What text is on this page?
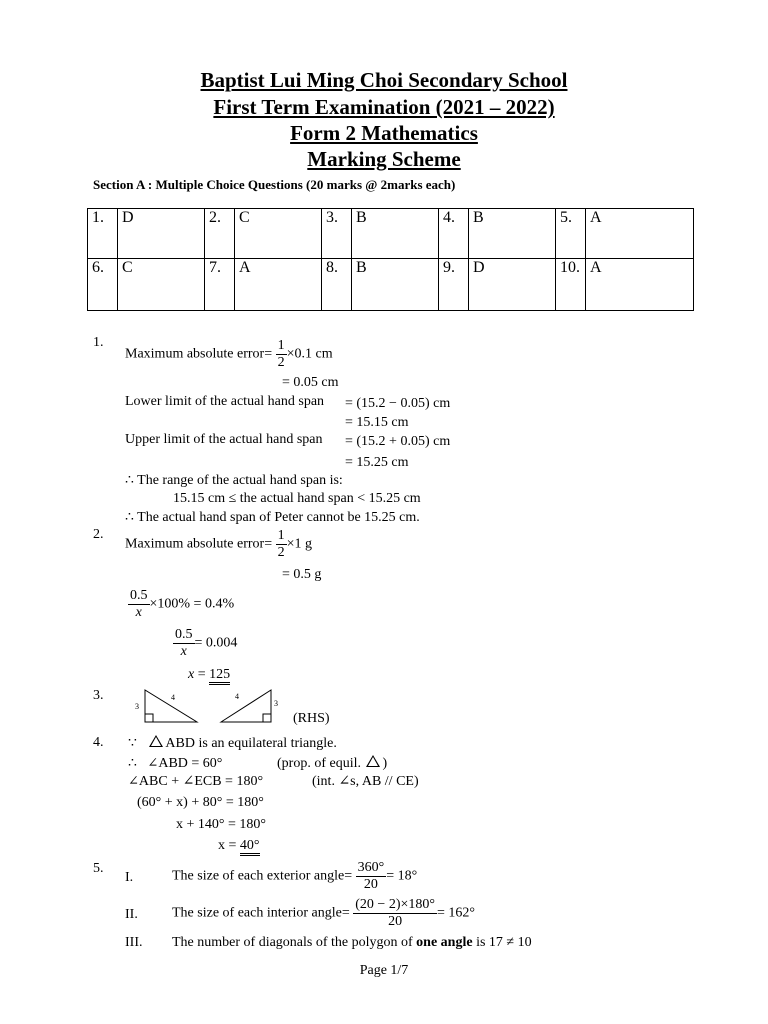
Baptist Lui Ming Choi Secondary School
First Term Examination (2021 – 2022)
Form 2 Mathematics
Marking Scheme
Section A : Multiple Choice Questions (20 marks @ 2marks each)
1.	D	2.	C	3.	B	4.	B	5.	A
6.	C	7.	A	8.	B	9.	D	10.	A
1.
Maximum absolute error= $\frac{1}{2} \times 0.1$ cm
= 0.05 cm
Lower limit of the actual hand span = (15.2 − 0.05) cm
= 15.15 cm
Upper limit of the actual hand span = (15.2 + 0.05) cm
= 15.25 cm
∴ The range of the actual hand span is:
15.15 cm ≤ the actual hand span < 15.25 cm
∴ The actual hand span of Peter cannot be 15.25 cm.
2.
Maximum absolute error= $\frac{1}{2} \times 1$ g
= 0.5 g
$\frac{0.5}{x} \times 100\% = 0.4\%$
$\frac{0.5}{x} = 0.004$
x = 125
3.
3
4	4
3
(RHS)
4. ∵ ABD is an equilateral triangle.
∴ ∠ABD = 60°	(prop. of equil. )
∠ABC + ∠ECB = 180°	(int. ∠s, AB // CE)
(60° + x) + 80° = 180°
x + 140° = 180°
x = 40°
5.
I.	The size of each exterior angle= $\frac{360^\circ}{20} = 18^\circ$
II. The size of each interior angle= $\frac{(20 - 2)\times 180^\circ}{20} = 162^\circ$
III. The number of diagonals of the polygon of one angle is 17 ≠ 10
Page 1/7
